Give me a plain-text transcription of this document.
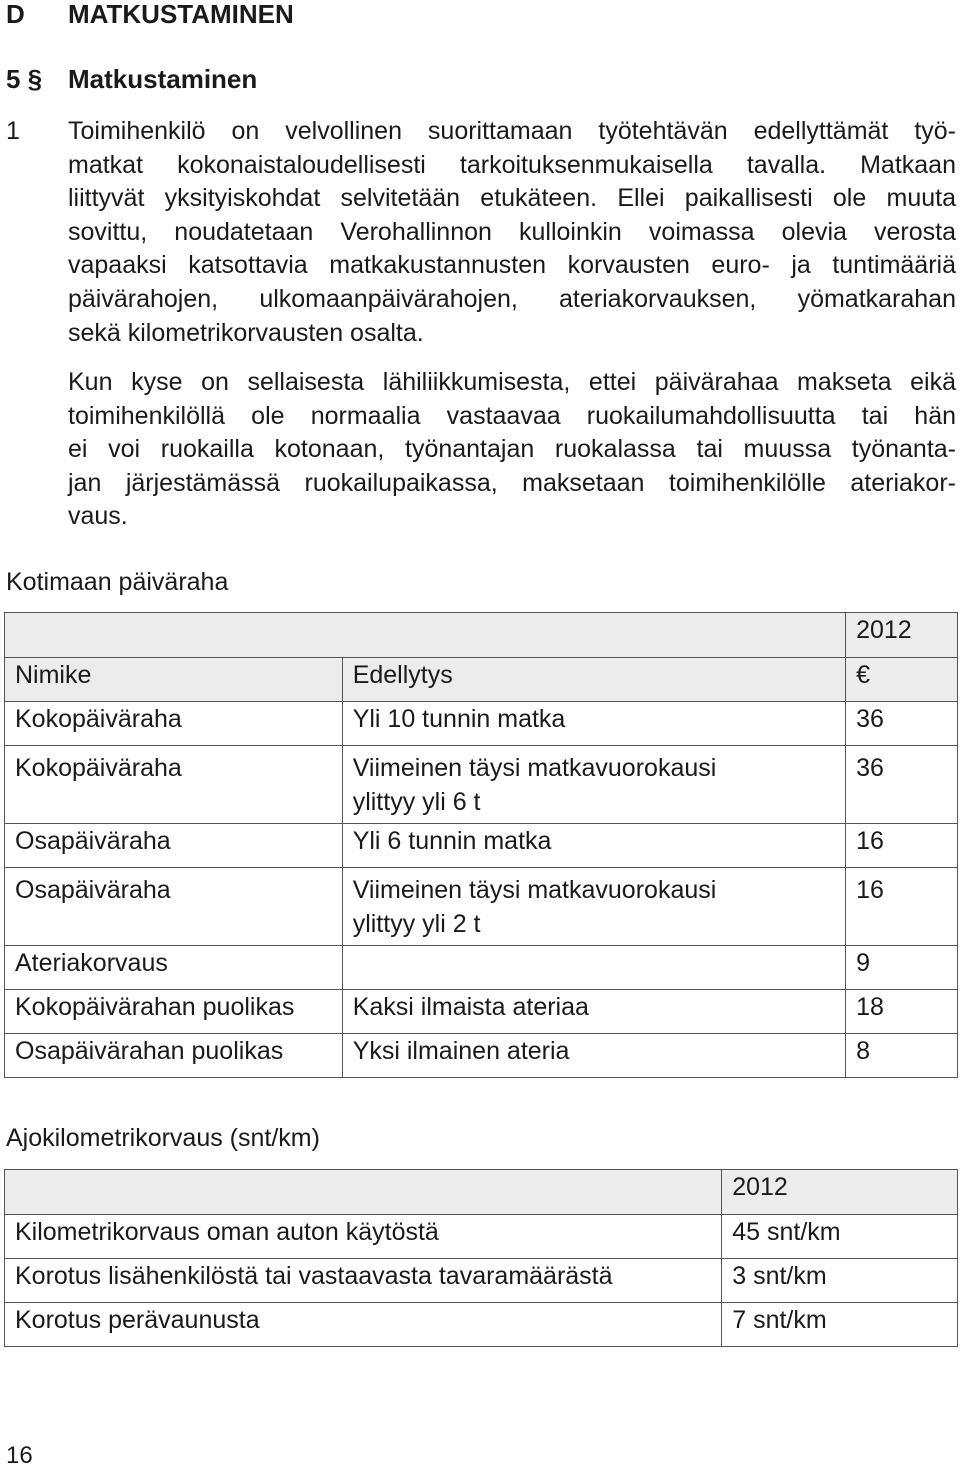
D MATKUSTAMINEN
5 § Matkustaminen
1 Toimihenkilö on velvollinen suorittamaan työtehtävän edellyttämät työ-
matkat kokonaistaloudellisesti tarkoituksenmukaisella tavalla. Matkaan
liittyvät yksityiskohdat selvitetään etukäteen. Ellei paikallisesti ole muuta
sovittu, noudatetaan Verohallinnon kulloinkin voimassa olevia verosta
vapaaksi katsottavia matkakustannusten korvausten euro- ja tuntimääriä
päivärahojen, ulkomaanpäivärahojen, ateriakorvauksen, yömatkarahan
sekä kilometrikorvausten osalta.
Kun kyse on sellaisesta lähiliikkumisesta, ettei päivärahaa makseta eikä
toimihenkilöllä ole normaalia vastaavaa ruokailumahdollisuutta tai hän
ei voi ruokailla kotonaan, työnantajan ruokalassa tai muussa työnanta-
jan järjestämässä ruokailupaikassa, maksetaan toimihenkilölle ateriakor-
vaus.
Kotimaan päiväraha
		2012
Nimike	Edellytys	€
Kokopäiväraha	Yli 10 tunnin matka	36

Kokopäiväraha	Viimeinen täysi matkavuorokausi
ylittyy yli 6 t	36

Osapäiväraha	Yli 6 tunnin matka	16

Osapäiväraha	Viimeinen täysi matkavuorokausi
ylittyy yli 2 t	16

Ateriakorvaus		9
Kokopäivärahan puolikas	Kaksi ilmaista ateriaa	18
Osapäivärahan puolikas	Yksi ilmainen ateria	8
Ajokilometrikorvaus (snt/km)
	2012
Kilometrikorvaus oman auton käytöstä	45 snt/km
Korotus lisähenkilöstä tai vastaavasta tavaramäärästä	3 snt/km
Korotus perävaunusta	7 snt/km
16
